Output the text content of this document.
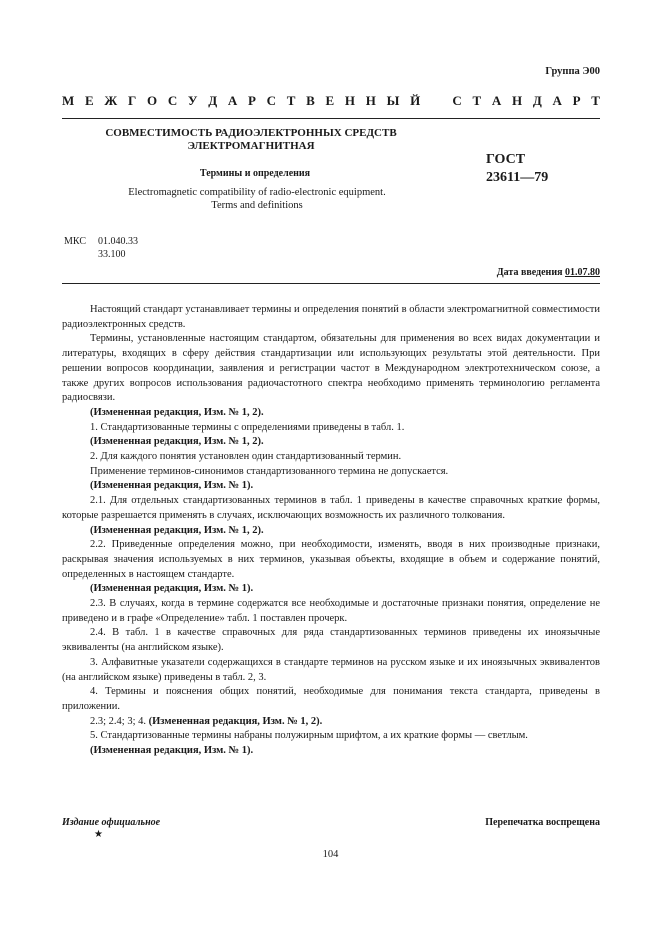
Группа Э00
М Е Ж Г О С У Д А Р С Т В Е Н Н Ы Й С Т А Н Д А Р Т
СОВМЕСТИМОСТЬ РАДИОЭЛЕКТРОННЫХ СРЕДСТВ
ЭЛЕКТРОМАГНИТНАЯ
Термины и определения
Electromagnetic compatibility of radio-electronic equipment.
Terms and definitions
ГОСТ
23611—79
МКС	01.040.33
33.100
Дата введения 01.07.80

Настоящий стандарт устанавливает термины и определения понятий в области электромагнитной совместимости радиоэлектронных средств.

Термины, установленные настоящим стандартом, обязательны для применения во всех видах документации и литературы, входящих в сферу действия стандартизации или использующих результаты этой деятельности. При решении вопросов координации, заявления и регистрации частот в Международном электротехническом союзе, а также других вопросов использования радиочастотного спектра необходимо применять терминологию регламента радиосвязи.

(Измененная редакция, Изм. № 1, 2).

1. Стандартизованные термины с определениями приведены в табл. 1.

(Измененная редакция, Изм. № 1, 2).

2. Для каждого понятия установлен один стандартизованный термин.

Применение терминов-синонимов стандартизованного термина не допускается.

(Измененная редакция, Изм. № 1).

2.1. Для отдельных стандартизованных терминов в табл. 1 приведены в качестве справочных краткие формы, которые разрешается применять в случаях, исключающих возможность их различного толкования.

(Измененная редакция, Изм. № 1, 2).

2.2. Приведенные определения можно, при необходимости, изменять, вводя в них производные признаки, раскрывая значения используемых в них терминов, указывая объекты, входящие в объем и содержание понятий, определенных в настоящем стандарте.

(Измененная редакция, Изм. № 1).

2.3. В случаях, когда в термине содержатся все необходимые и достаточные признаки понятия, определение не приведено и в графе «Определение» табл. 1 поставлен прочерк.

2.4. В табл. 1 в качестве справочных для ряда стандартизованных терминов приведены их иноязычные эквиваленты (на английском языке).

3. Алфавитные указатели содержащихся в стандарте терминов на русском языке и их иноязычных эквивалентов (на английском языке) приведены в табл. 2, 3.

4. Термины и пояснения общих понятий, необходимые для понимания текста стандарта, приведены в приложении.

2.3; 2.4; 3; 4. (Измененная редакция, Изм. № 1, 2).

5. Стандартизованные термины набраны полужирным шрифтом, а их краткие формы — светлым.

(Измененная редакция, Изм. № 1).

Издание официальное
★
Перепечатка воспрещена
104
